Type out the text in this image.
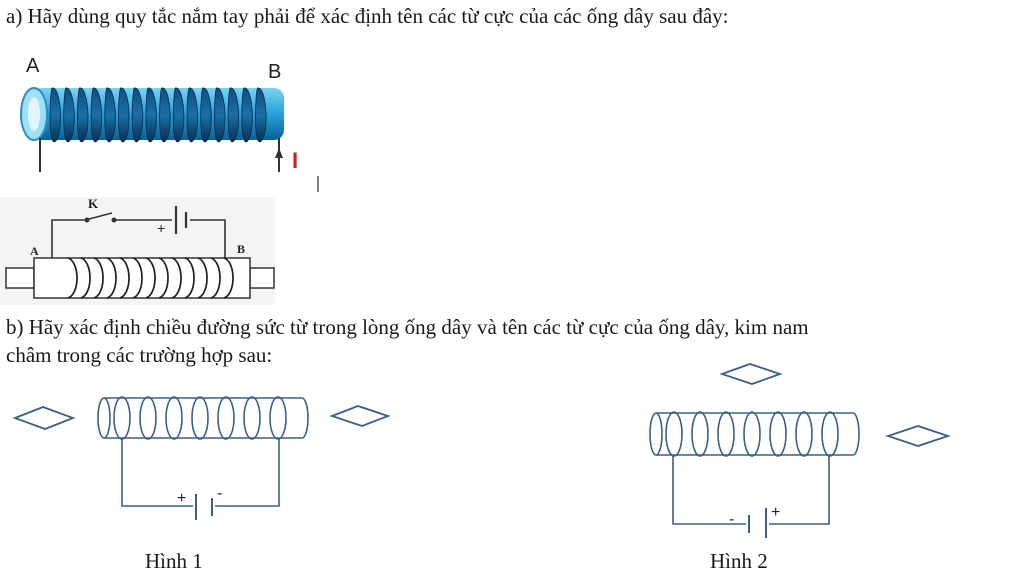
a) Hãy dùng quy tắc nắm tay phải để xác định tên các từ cực của các ống dây sau đây:
b) Hãy xác định chiều đường sức từ trong lòng ống dây và tên các từ cực của ống dây, kim nam
châm trong các trường hợp sau:
Hình 1	Hình 2
A	B
I
K
+
A	B
+ -
- +
